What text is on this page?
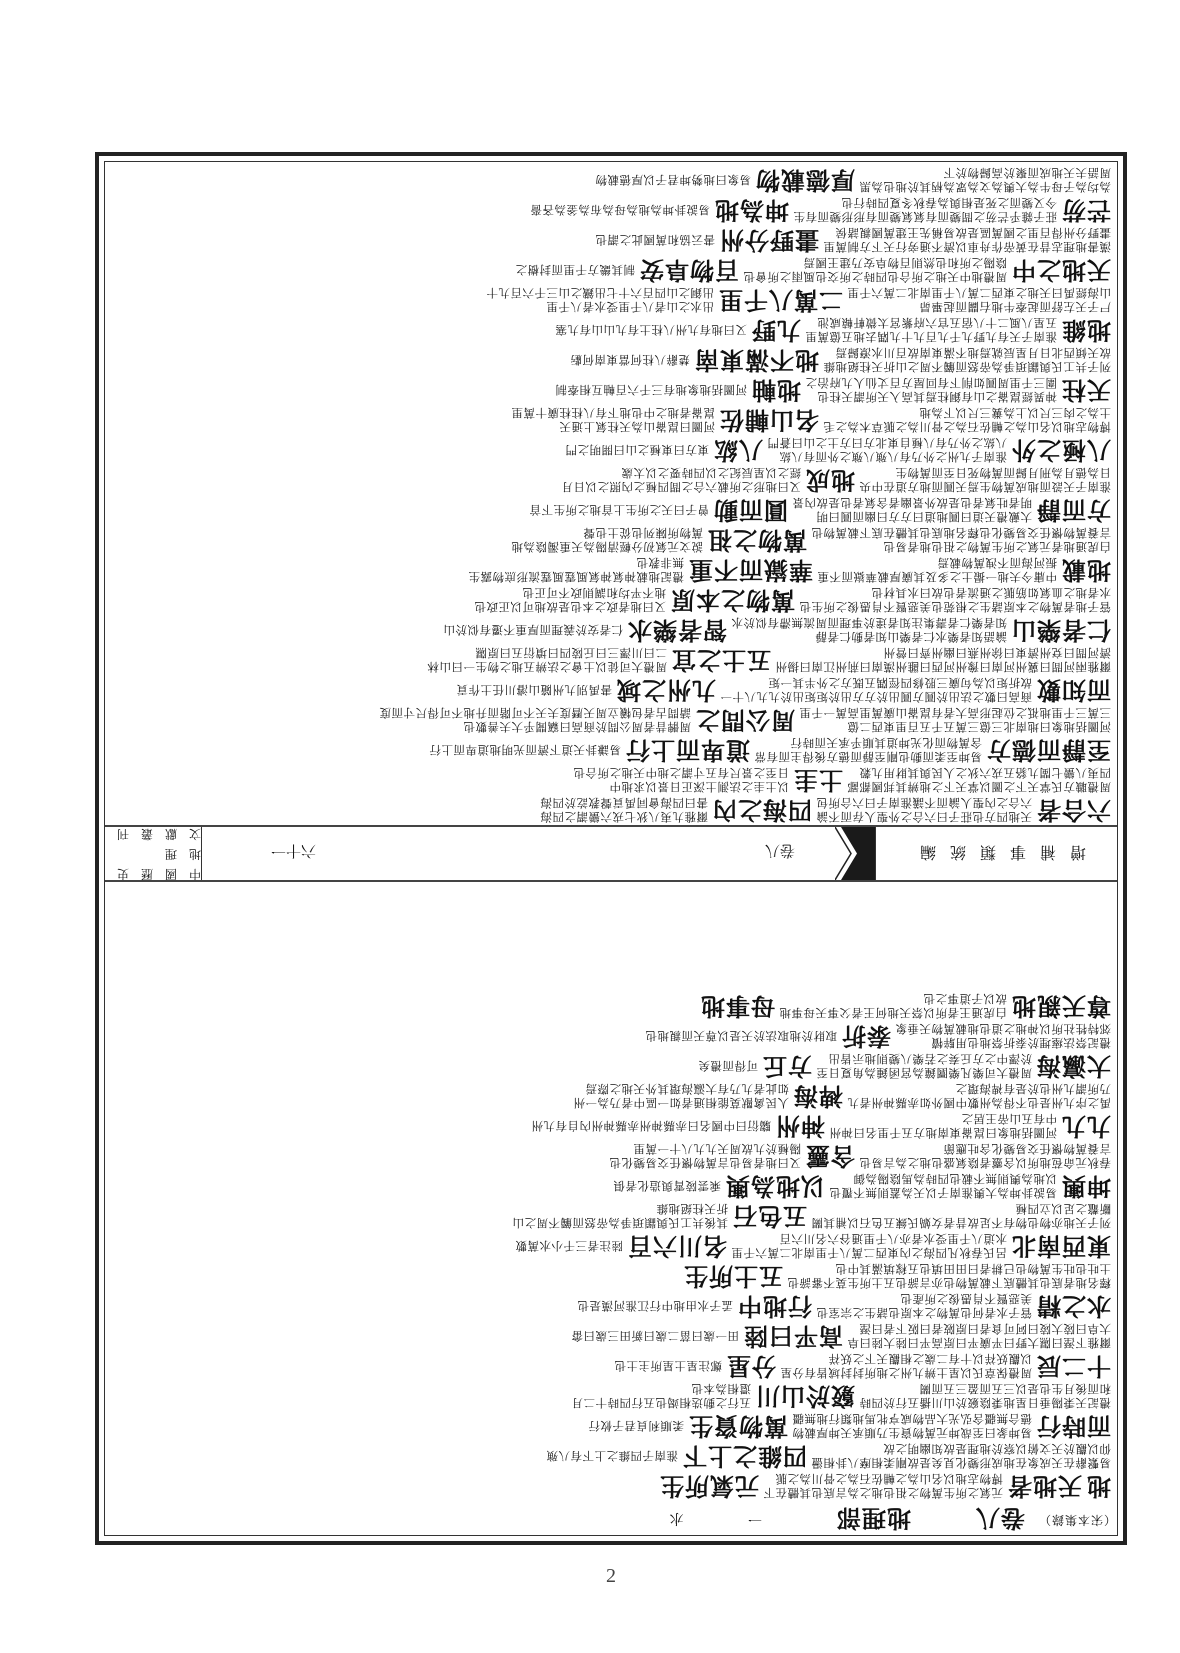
六合者
天地四方也莊子曰六合之外聖人存而不論
六合之內聖人論而不議淮南子曰六合所包
四海之內
爾雅九夷八狄七戎六蠻謂之四海
書曰四海會同禹貢聲教訖於四海
周禮職方氏掌天下之圖以掌天下之地辨其邦國都鄙
四夷八蠻七閩九貉五戎六狄之人民與其財用九穀
土圭
以土圭之法測土深正日景以求地中
日至之景尺有五寸謂之地中天地之所合也
至靜而德方
易坤至柔而動也剛至靜而德方後得主而有常
含萬物而化光坤道其順乎承天而時行
道卑而上行
易謙卦天道下濟而光明地道卑而上行
河圖括地象曰地南北三億三萬五千五百里東西二億
三萬三千里地祗之位起形高大者有崑崙山廣萬里高萬一千里
周公問之
周髀昔者周公問於商高曰竊聞乎大夫善數也
請問古者包犧立周天曆度夫天不可階而升地不可得尺寸而度
而知數
商高曰數之法出於圓方圓出於方方出於矩矩出於九九八十一
故折矩以為句廣三股修四徑隅五既方之外半其一矩
九州之域
書禹別九州隨山濬川任土作貢
爾雅兩河間曰冀州河南曰豫州河西曰雝州漢南曰荊州江南曰揚州
濟河間曰兗州濟東曰徐州燕曰幽州齊曰營州
五土之宜
周禮大司徒以土會之法辨五地之物生一曰山林
二曰川澤三曰丘陵四曰墳衍五曰原隰
仁者樂山
論語知者樂水仁者樂山知者動仁者靜
知者樂仁者壽集注知者達於事理而周流無滯有似於水
智者樂水
仁者安於義理而厚重不遷有似於山
管子地者萬物之本原諸生之根菀也美惡賢不肖愚俊之所生也
水者地之血氣如筋脈之通流者也故曰水具材也
萬物之本原
又曰地者政之本也是故地可以正政也
地不平均和調則政不可正也
地載
中庸今夫地一撮土之多及其廣厚載華嶽而不重
振河海而不洩萬物載焉
華嶽而不重
禮記地載神氣神氣風霆風霆流形庶物露生
無非教也
白虎通地者元氣之所生萬物之祖也地者易也
言養萬物懷任交易變化也釋名地底也其體在底下載萬物也
萬物之祖
說文元氣初分輕清陽為天重濁陰為地
萬物所陳列也從土也聲
方而靜
大戴禮天道曰圓地道曰方方曰幽而圓曰明
明者吐氣者也是故外景幽者含氣者也是故內景
圓而動
曾子曰天之所生上首地之所生下首
淮南子天設而地成萬物生焉天圓而地方道在中央
日為德月為刑月歸而萬物死日至而萬物生
地成
又曰地形之所載六合之間四極之內照之以日月
經之以星辰紀之以四時要之以太歲
八極之外
淮南子九州之外乃有八殥八殥之外而有八紘
八紘之外乃有八極自東北方曰方土之山曰蒼門
八紘
東方曰東極之山曰開明之門
博物志地以名山為之輔佐石為之骨川為之脈草木為之毛
土為之肉三尺以上為糞三尺以下為地
名山輔佐
河圖曰崑崙山為天柱氣上通天
崑崙者地之中也地下有八柱柱廣十萬里
天柱
神異經崑崙之山有銅柱焉其高入天所謂天柱也
圍三千里周圓如削下有回屋方百丈仙人九府治之
地軸
河圖括地象地有三千六百軸互相牽制
列子共工氏與顓頊爭為帝怒而觸不周之山折天柱絕地維
故天傾西北日月星辰就焉地不滿東南故百川水潦歸焉
地不滿東南
楚辭八柱何當東南何虧
地維
淮南子天有九野九千九百九十九隅去地五億萬里
五星八風二十八宿五官六府紫宮太微軒轅咸池
九野
又曰地有九州八柱土有九山山有九塞
尸子天左舒而起牽牛地右闢而起畢昴
山海經禹曰天地之東西二萬八千里南北二萬六千里
二萬八千里
出水之山者八千里受水者八千里
出銅之山四百六十七出鐵之山三千六百九十
天地之中
周禮地中天地之所合也四時之所交也風雨之所會也
陰陽之所和也然則百物阜安乃建王國焉
百物阜安
制其畿方千里而封樹之
漢書地理志昔在黃帝作舟車以濟不通旁行天下方制萬里
畫野分州得百里之國萬區是故易稱先王建萬國親諸侯
畫野分州
書云協和萬國此之謂也
芒芴
莊子雜乎芒芴之間變而有氣氣變而有形形變而有生
今又變而之死是相與為春秋冬夏四時行也
坤為地
易說卦坤為地為母為布為釜為吝嗇
為均為子母牛為大輿為文為眾為柄其於地也為黑
周語夫天地成而聚於高歸物於下
厚德載物
易象曰地勢坤君子以厚德載物
文獻叢刊
中國歷史地理	六十一	卷八	增補事類統編
卷八
地理部
一
水
地
天地者
元氣之所生萬物之祖也地之為言底也其體在下
博物志地以名山為之輔佐石為之骨川為之脈
元氣所生
易繫辭在天成象在地成形變化見矣是故剛柔相摩八卦相盪
仰以觀於天文俯以察於地理是故知幽明之故
四維之上下
淮南子四維之上下有八殥
而時行
易坤彖曰至哉坤元萬物資生乃順承天坤厚載物
德合無疆含弘光大品物咸亨牝馬地類行地無疆
萬物資生
柔順利貞君子攸行
禮記天秉陽垂日星地秉陰竅於山川播五行於四時
和而後月生也是以三五而盈三五而闕
竅於山川
五行之動迭相竭也五行四時十二月
還相為本也
十二辰
周禮保章氏以星土辨九州之地所封封域皆有分星
以觀妖祥以十有二歲之相觀天下之妖祥
分星
鄭注星土星所主土也
爾雅下溼曰隰大野曰平廣平曰原高平曰陸大陸曰阜
大阜曰陵大陵曰阿可食者曰原陂者曰阪下者曰溼
高平曰陸
田一歲曰菑二歲曰新田三歲曰畬
水之精
管子水者何也萬物之本原也諸生之宗室也
美惡賢不肖愚俊之所產也
行地中
孟子水由地中行江淮河漢是也
釋名地者底也其體底下載萬物也亦言諦也五土所生莫不審諦也
土吐也吐生萬物也已耕者曰田田填也五稼填滿其中也
五土所生
東西南北
呂氏春秋凡四海之內東西二萬八千里南北二萬六千里
水道八千里受水者亦八千里通谷六名川六百
名川六百
陸注者三千小水萬數
列子天地亦物也物有不足故昔者女媧氏練五色石以補其闕
斷鼇之足以立四極
五色石
其後共工氏與顓頊爭為帝怒而觸不周之山
折天柱絕地維
坤輿
易說卦坤為大輿淮南子以天為蓋則無不覆也
以地為輿則無不載也四時為馬陰陽為御
以地為輿
乘雲陵霄與造化者俱
春秋元命苞地所以含靈者陰氣盛也地之為言易也
言養萬物懷任交易變化含吐應節
含靈
又曰地者易也言萬物懷任交易變化也
陽極於九故周天九九八十一萬里
九九
河圖括地象曰崑崙東南地方五千里名曰神州
中有五山帝王居之
神州
騶衍曰中國名曰赤縣神州赤縣神州內自有九州
禹之序九州是也不得為州數中國外如赤縣神州者九
乃所謂九州也於是有裨海環之
裨海
人民禽獸莫能相通者如一區中者乃為一州
如此者九乃有大瀛海環其外天地之際焉
大瀛海
周禮大司樂凡樂圜鐘為宮函鍾為角夏日至
於澤中之方丘奏之若樂八變則地示皆出
方丘
可得而禮矣
禮記祭法瘞埋於泰折祭地也用騂犢
郊特牲社所以神地之道也地載萬物天垂象
泰折
取財於地取法於天是以尊天而親地也
尊天親地
白虎通王者所以祭天地何王者父事天母事地
故以子道事之也
母事地
（宋本集錄）
2
